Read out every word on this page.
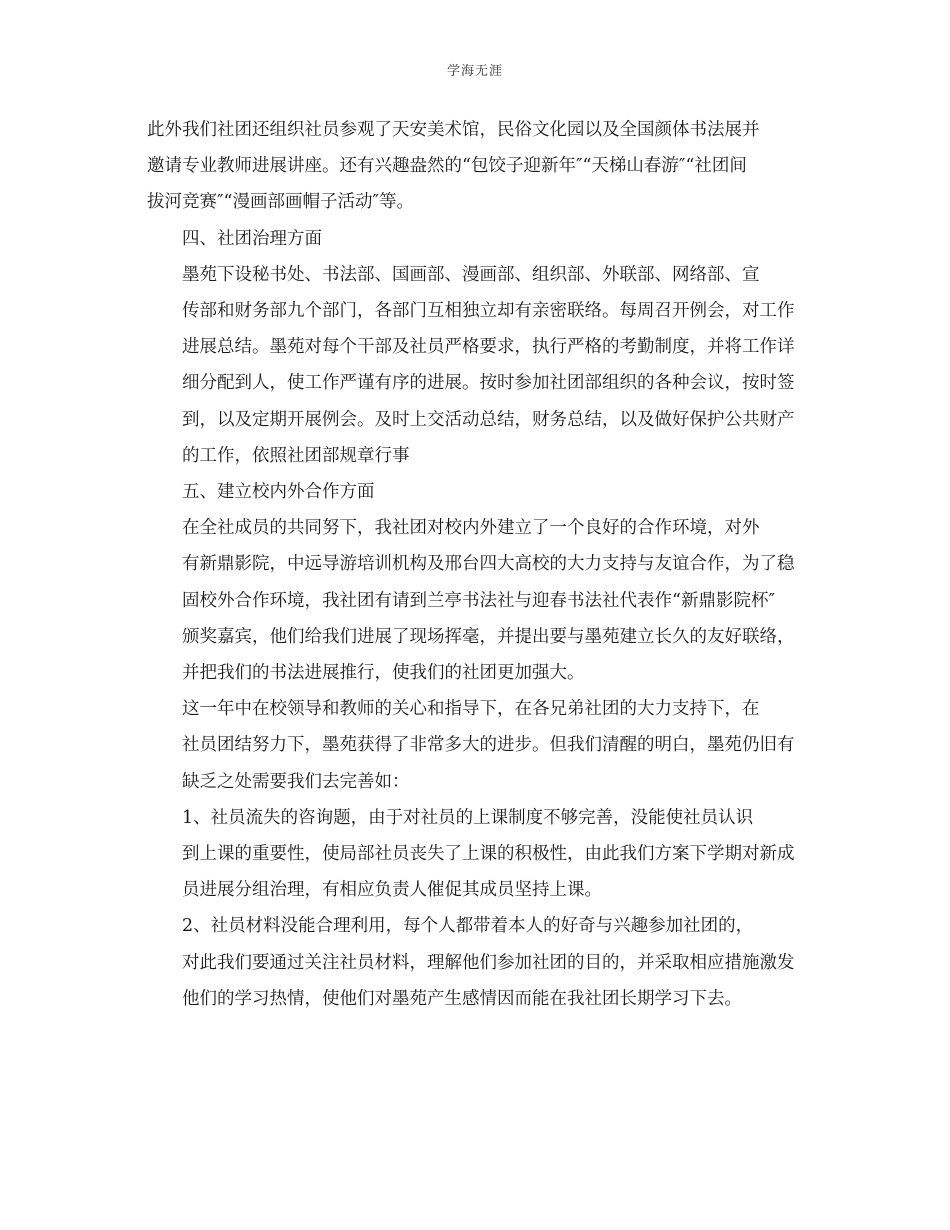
学海无涯

此外我们社团还组织社员参观了天安美术馆，民俗文化园以及全国颜体书法展并
邀请专业教师进展讲座。还有兴趣盎然的“包饺子迎新年″“天梯山春游″“社团间
拔河竞赛″“漫画部画帽子活动″等。

四、社团治理方面

墨苑下设秘书处、书法部、国画部、漫画部、组织部、外联部、网络部、宣
传部和财务部九个部门，各部门互相独立却有亲密联络。每周召开例会，对工作
进展总结。墨苑对每个干部及社员严格要求，执行严格的考勤制度，并将工作详
细分配到人，使工作严谨有序的进展。按时参加社团部组织的各种会议，按时签
到，以及定期开展例会。及时上交活动总结，财务总结，以及做好保护公共财产
的工作，依照社团部规章行事

五、建立校内外合作方面

在全社成员的共同努下，我社团对校内外建立了一个良好的合作环境，对外
有新鼎影院，中远导游培训机构及邢台四大高校的大力支持与友谊合作，为了稳
固校外合作环境，我社团有请到兰亭书法社与迎春书法社代表作“新鼎影院杯″
颁奖嘉宾，他们给我们进展了现场挥毫，并提出要与墨苑建立长久的友好联络，
并把我们的书法进展推行，使我们的社团更加强大。

这一年中在校领导和教师的关心和指导下，在各兄弟社团的大力支持下，在
社员团结努力下，墨苑获得了非常多大的进步。但我们清醒的明白，墨苑仍旧有
缺乏之处需要我们去完善如：

1、社员流失的咨询题，由于对社员的上课制度不够完善，没能使社员认识
到上课的重要性，使局部社员丧失了上课的积极性，由此我们方案下学期对新成
员进展分组治理，有相应负责人催促其成员坚持上课。

2、社员材料没能合理利用，每个人都带着本人的好奇与兴趣参加社团的，
对此我们要通过关注社员材料，理解他们参加社团的目的，并采取相应措施激发
他们的学习热情，使他们对墨苑产生感情因而能在我社团长期学习下去。
